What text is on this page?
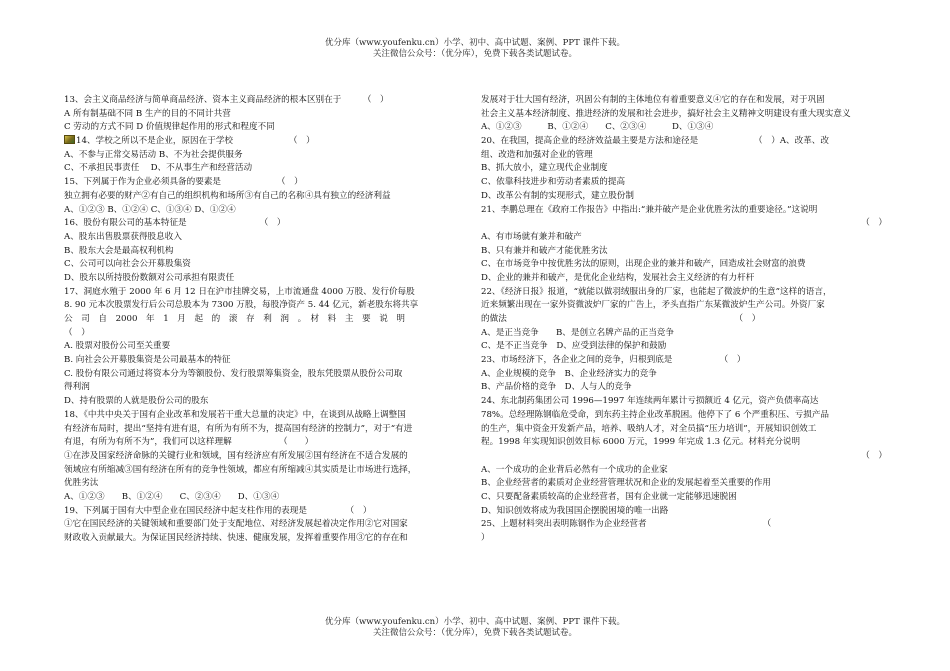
优分库（www.youfenku.cn）小学、初中、高中试题、案例、PPT 课件下载。
关注微信公众号：（优分库），免费下载各类试题试卷。
13、会主义商品经济与简单商品经济、资本主义商品经济的根本区别在于　　　（　）
A 所有制基础不同 B 生产的目的不同计共营
C 劳动的方式不同 D 价值规律起作用的形式和程度不同
14、学校之所以不是企业，原因在于学校　　　　　　　（　）
A、不参与正常交易活动 B、不为社会提供服务
C、不承担民事责任　 D、不从事生产和经营活动
15、下列属于作为企业必须具备的要素是　　　　　　　（　）
独立拥有必要的财产②有自己的组织机构和场所③有自己的名称④具有独立的经济利益
A、①②③ B、①②④ C、①③④ D、①②④
16、股份有限公司的基本特征是　　　　　　　　　（　）
A、股东出售股票获得股息收入
B、股东大会是最高权利机构
C、公司可以向社会公开募股集资
D、股东以所持股份数额对公司承担有限责任
17、洞庭水殖于 2000 年 6 月 12 日在沪市挂牌交易，上市流通盘 4000 万股、发行价每股
8. 90 元本次股票发行后公司总股本为 7300 万股，每股净资产 5. 44 亿元，新老股东将共享
公　司　自　2000　年　1　月　起　的　滚　存　利　润　。　材　料　主　要　说　明
（　）
A. 股票对股份公司至关重要
B. 向社会公开募股集资是公司最基本的特征
C. 股份有限公司通过将资本分为等额股份、发行股票筹集资金，股东凭股票从股份公司取
得利润
D、持有股票的人就是股份公司的股东
18、《中共中央关于国有企业改革和发展若干重大总量的决定》中，在谈到从战略上调整国
有经济布局时，提出“坚持有进有退，有所为有所不为，提高国有经济的控制力”，对于“有进
有退，有所为有所不为”，我们可以这样理解　　　　　　（　　）
①在涉及国家经济命脉的关键行业和领域，国有经济应有所发展②国有经济在不适合发展的
领域应有所缩减③国有经济在所有的竞争性领域，都应有所缩减④其实质是让市场进行选择，
优胜劣汰
A、①②③　　B、①②④　　C、②③④　　D、①③④
19、下列属于国有大中型企业在国民经济中起支柱作用的表现是　　　　　（　）
①它在国民经济的关键领域和重要部门处于支配地位、对经济发展起着决定作用②它对国家
财政收入贡献最大。为保证国民经济持续、快速、健康发展，发挥着重要作用③它的存在和
发展对于壮大国有经济，巩固公有制的主体地位有着重要意义④它的存在和发展，对于巩固
社会主义基本经济制度、推进经济的发展和社会进步，搞好社会主义精神文明建设有重大现实意义
A、①②③　　　B、①②④　　C、②③④　　　D、①③④
20、在我国，提高企业的经济效益最主要是方法和途径是　　　　　　　（　）A、改革、改
组、改造和加强对企业的管理
B、抓大放小，建立现代企业制度
C、依靠科技进步和劳动者素质的提高
D、改革公有制的实现形式，建立股份制
21、李鹏总理在《政府工作报告》中指出:“兼并破产是企业优胜劣汰的重要途径。”这说明
（　）
A、有市场就有兼并和破产
B、只有兼并和破产才能优胜劣汰
C、在市场竞争中按优胜劣汰的原则，出现企业的兼并和破产，回造成社会财富的浪费
D、企业的兼并和破产，是优化企业结构，发展社会主义经济的有力杆杆
22、《经济日报》报道，“就能以做羽绒服出身的厂家，也能起了微波炉的生意”这样的语言，
近来频繁出现在一家外资微波炉厂家的广告上，矛头直指广东某微波炉生产公司。外资厂家
的做法　　　　　　　　　　　　　　　　　　　　　　　　　　　（　）
A、是正当竞争　　B、是创立名牌产品的正当竞争
C、是不正当竞争　D、应受到法律的保护和鼓励
23、市场经济下，各企业之间的竞争，归根到底是　　　　　　（　）
A、企业规模的竞争　B、企业经济实力的竞争
B、产品价格的竞争　D、人与人的竞争
24、东北制药集团公司 1996—1997 年连续两年累计亏损额近 4 亿元，资产负债率高达
78%。总经理陈钢临危受命，到东药主持企业改革脱困。他停下了 6 个严重积压、亏损产品
的生产，集中资金开发新产品，培养、吸纳人才，对全员搞“压力培训”，开展知识创效工
程。1998 年实现知识创效目标 6000 万元，1999 年完成 1.3 亿元。材料充分说明
（　）
A、一个成功的企业背后必然有一个成功的企业家
B、企业经营者的素质对企业经营管理状况和企业的发展起着至关重要的作用
C、只要配备素质较高的企业经营者，国有企业就一定能够迅速脱困
D、知识创效将成为我国国企摆脱困境的唯一出路
25、上题材料突出表明陈钢作为企业经营者　　　　　　　　　　　　　　（
）
优分库（www.youfenku.cn）小学、初中、高中试题、案例、PPT 课件下载。
关注微信公众号：（优分库），免费下载各类试题试卷。
